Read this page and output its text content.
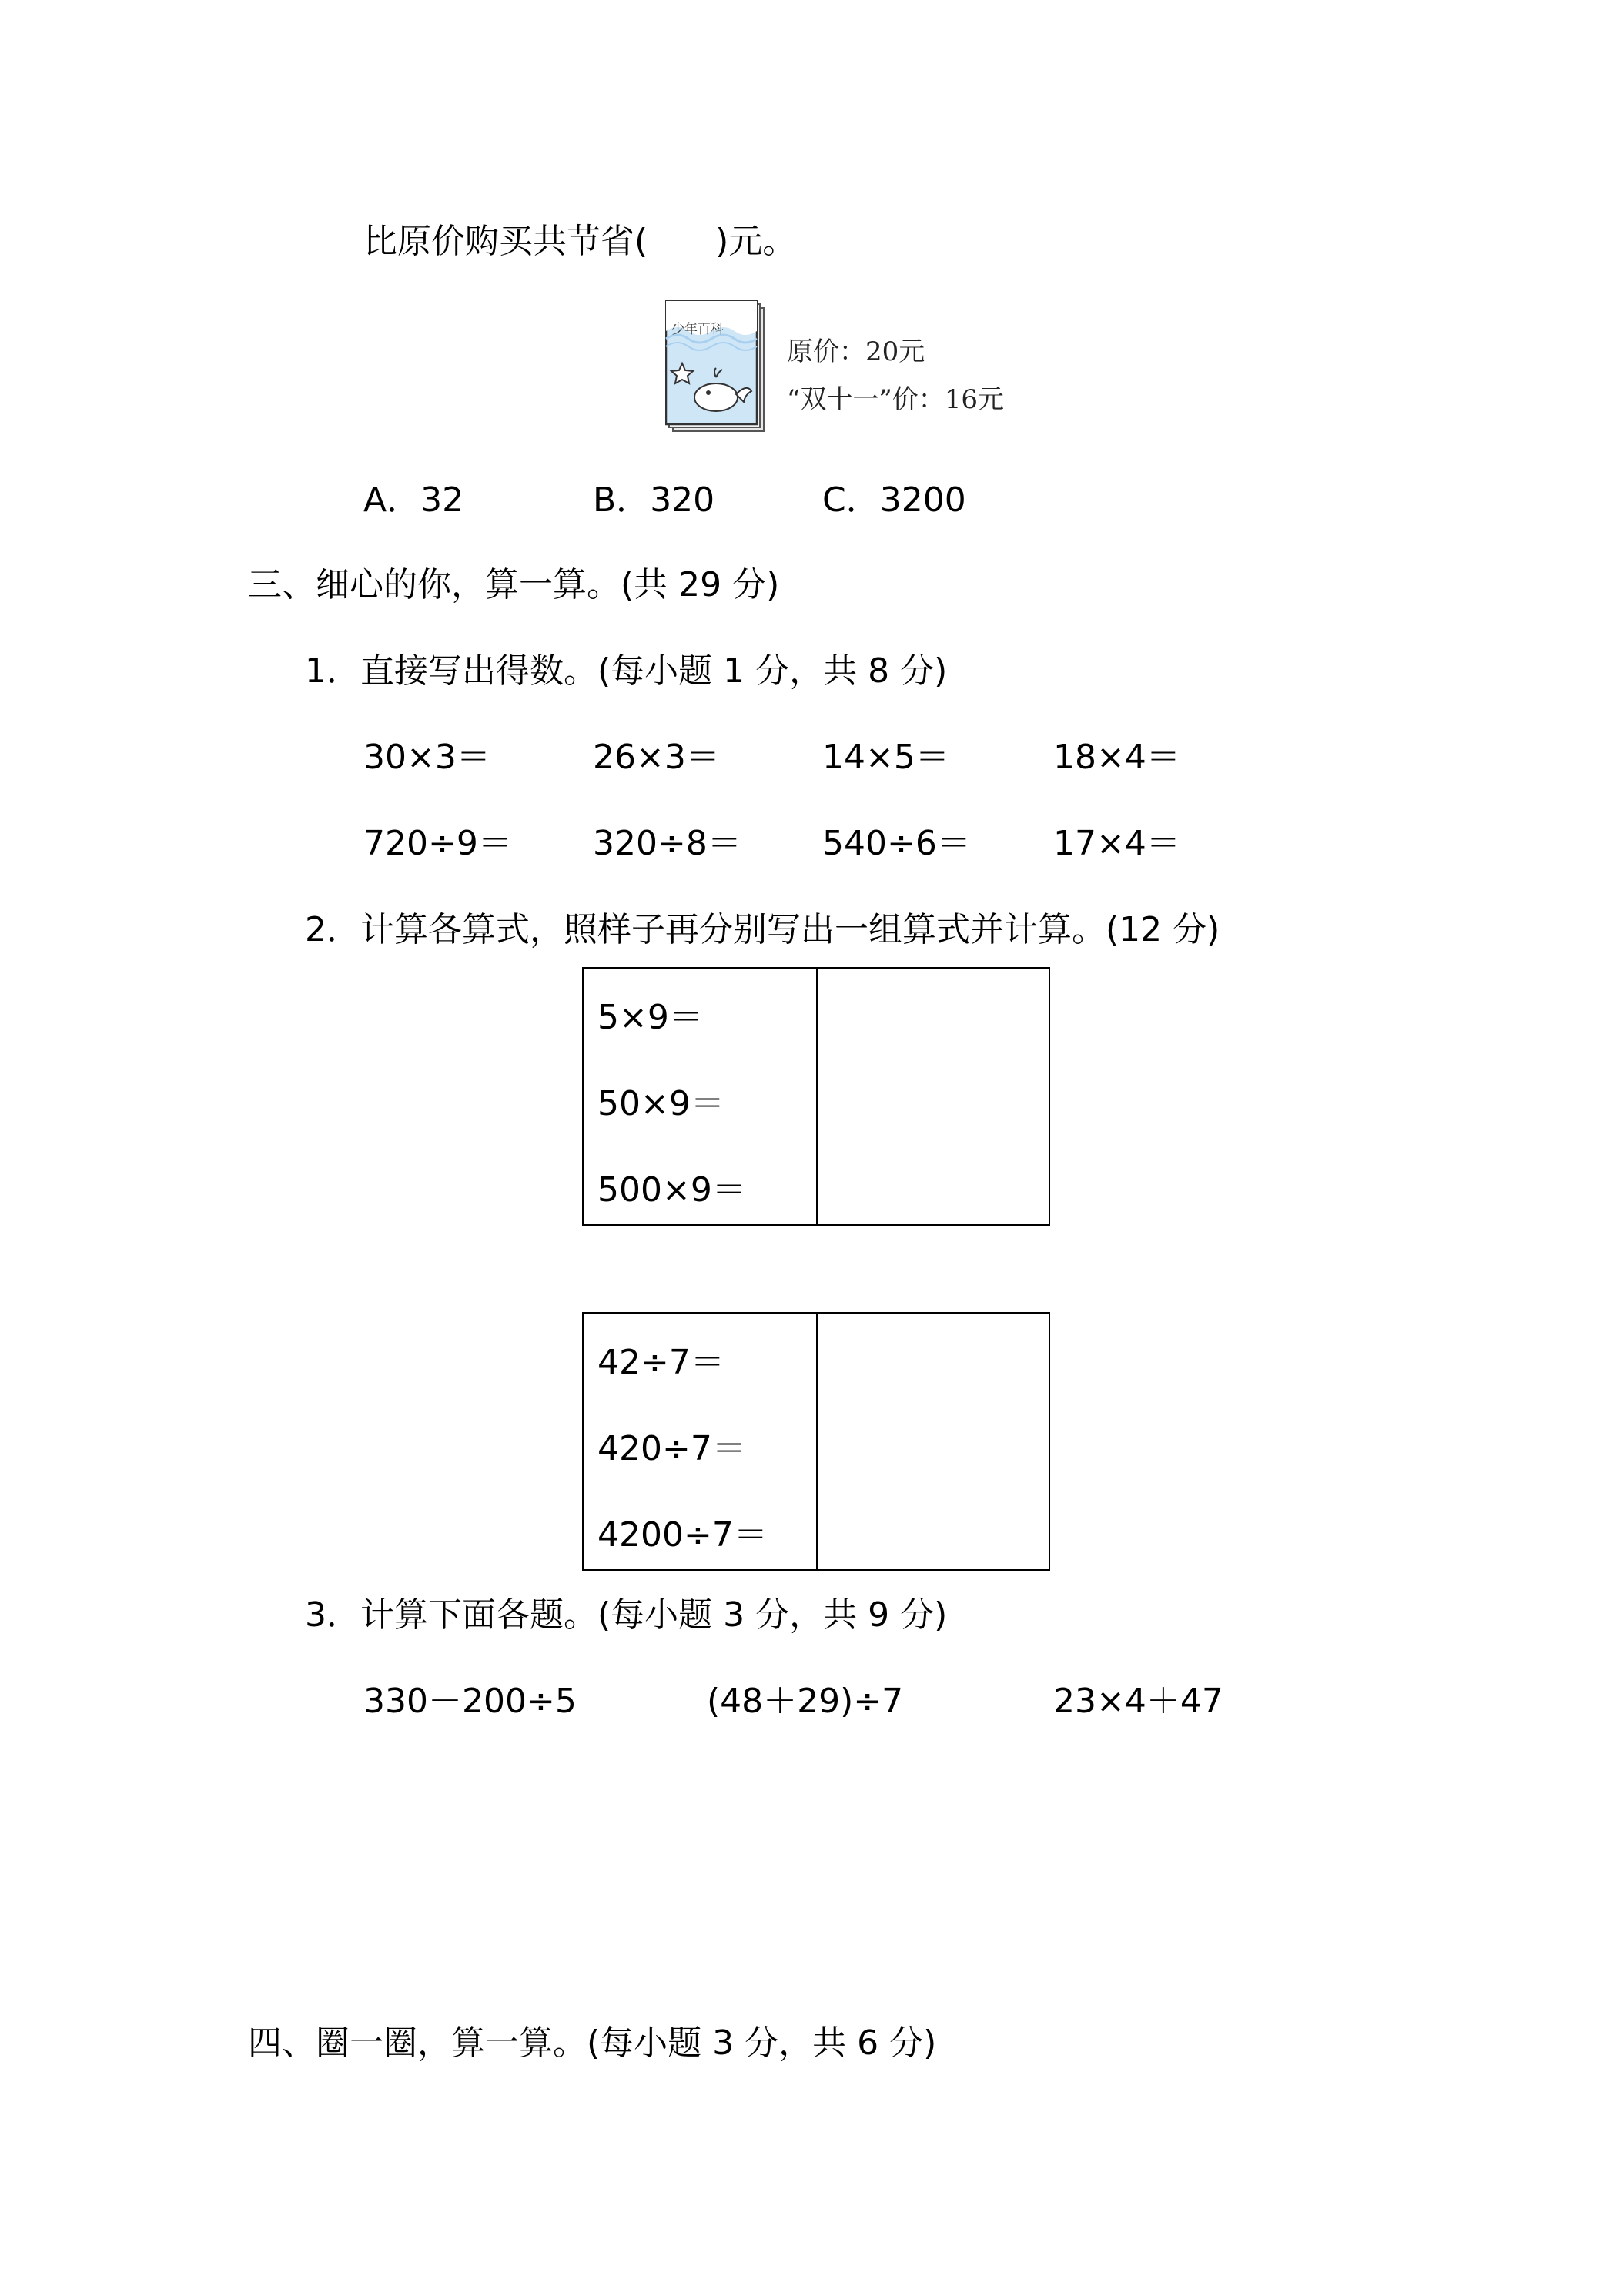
比原价购买共节省(　　)元。
少年百科
原价：20元
“双十一”价：16元
A．32	B．320	C．3200
三、细心的你，算一算。(共 29 分)
1．直接写出得数。(每小题 1 分，共 8 分)
30×3＝	26×3＝	14×5＝	18×4＝
720÷9＝ 320÷8＝ 540÷6＝ 17×4＝
2．计算各算式，照样子再分别写出一组算式并计算。(12 分)
5×9＝
50×9＝
500×9＝
42÷7＝
420÷7＝
4200÷7＝
3．计算下面各题。(每小题 3 分，共 9 分)
330－200÷5	(48＋29)÷7	23×4＋47
四、圈一圈，算一算。(每小题 3 分，共 6 分)
